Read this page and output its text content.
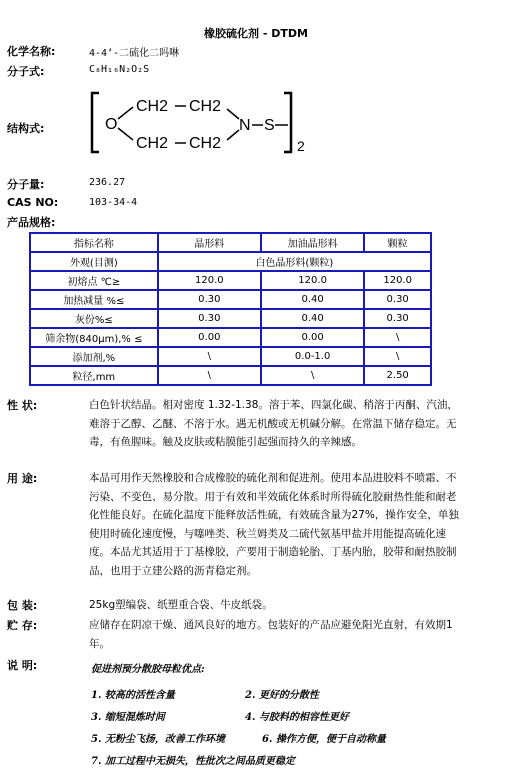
橡胶硫化剂 - DTDM
化学名称:	4-4’-二硫化二吗啉
分子式:	C₈H₁₆N₂O₂S
结构式:	O
CH2 CH2
CH2 CH2
N S
2
分子量:	236.27
CAS NO:	103-34-4
产品规格:
指标名称	晶形料	加油晶形料	颗粒
外观(目测)	白色晶形料(颗粒)		
初熔点 ℃≥	120.0	120.0	120.0
加热减量 %≤	0.30	0.40	0.30
灰份%≤	0.30	0.40	0.30
筛余物(840μm),% ≤	0.00	0.00	\
添加剂,%	\	0.0-1.0	\
粒径,mm	\	\	2.50
性 状:	白色针状结晶。相对密度 1.32-1.38。溶于苯、四氯化碳、稍溶于丙酮、汽油，难溶于乙醇、乙醚、不溶于水。遇无机酸或无机碱分解。在常温下储存稳定。无毒，有鱼腥味。触及皮肤或粘膜能引起强而持久的辛辣感。
用 途:	本品可用作天然橡胶和合成橡胶的硫化剂和促进剂。使用本品进胶料不喷霜、不污染、不变色、易分散。用于有效和半效硫化体系时所得硫化胶耐热性能和耐老化性能良好。在硫化温度下能释放活性硫，有效硫含量为27%，操作安全，单独使用时硫化速度慢，与噻唑类、秋兰姆类及二硫代氨基甲盐并用能提高硫化速度。本品尤其适用于丁基橡胶，产要用于制造轮胎、丁基内胎，胶带和耐热胶制品，也用于立建公路的沥青稳定剂。
包 装:	25kg塑编袋、纸塑重合袋、牛皮纸袋。
贮 存:	应储存在阴凉干燥、通风良好的地方。包装好的产品应避免阳光直射，有效期1年。
说 明:	促进剂预分散胶母粒优点:
1. 较高的活性含量	2. 更好的分散性
3. 缩短混炼时间	4. 与胶料的相容性更好
5. 无粉尘飞扬，改善工作环境	6. 操作方便，便于自动称量
7. 加工过程中无损失，性批次之间品质更稳定
